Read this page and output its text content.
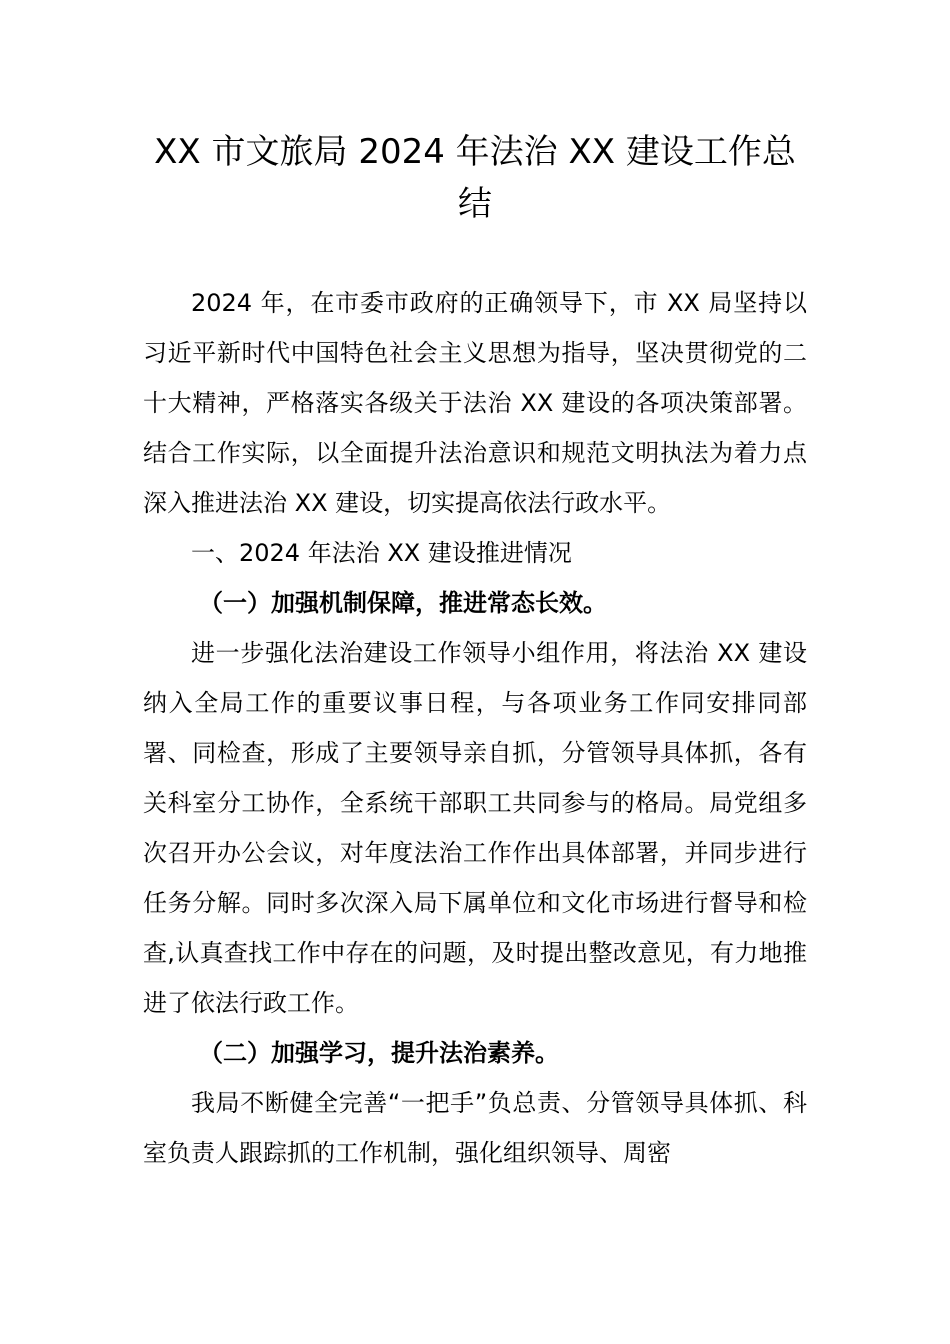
XX 市文旅局 2024 年法治 XX 建设工作总
结

2024 年，在市委市政府的正确领导下，市 XX 局坚持以习近平新时代中国特色社会主义思想为指导，坚决贯彻党的二十大精神，严格落实各级关于法治 XX 建设的各项决策部署。结合工作实际，以全面提升法治意识和规范文明执法为着力点深入推进法治 XX 建设，切实提高依法行政水平。

一、2024 年法治 XX 建设推进情况

（一）加强机制保障，推进常态长效。

进一步强化法治建设工作领导小组作用，将法治 XX 建设纳入全局工作的重要议事日程，与各项业务工作同安排同部署、同检查，形成了主要领导亲自抓，分管领导具体抓，各有关科室分工协作，全系统干部职工共同参与的格局。局党组多次召开办公会议，对年度法治工作作出具体部署，并同步进行任务分解。同时多次深入局下属单位和文化市场进行督导和检查,认真查找工作中存在的问题，及时提出整改意见，有力地推进了依法行政工作。

（二）加强学习，提升法治素养。

我局不断健全完善“一把手”负总责、分管领导具体抓、科室负责人跟踪抓的工作机制，强化组织领导、周密
